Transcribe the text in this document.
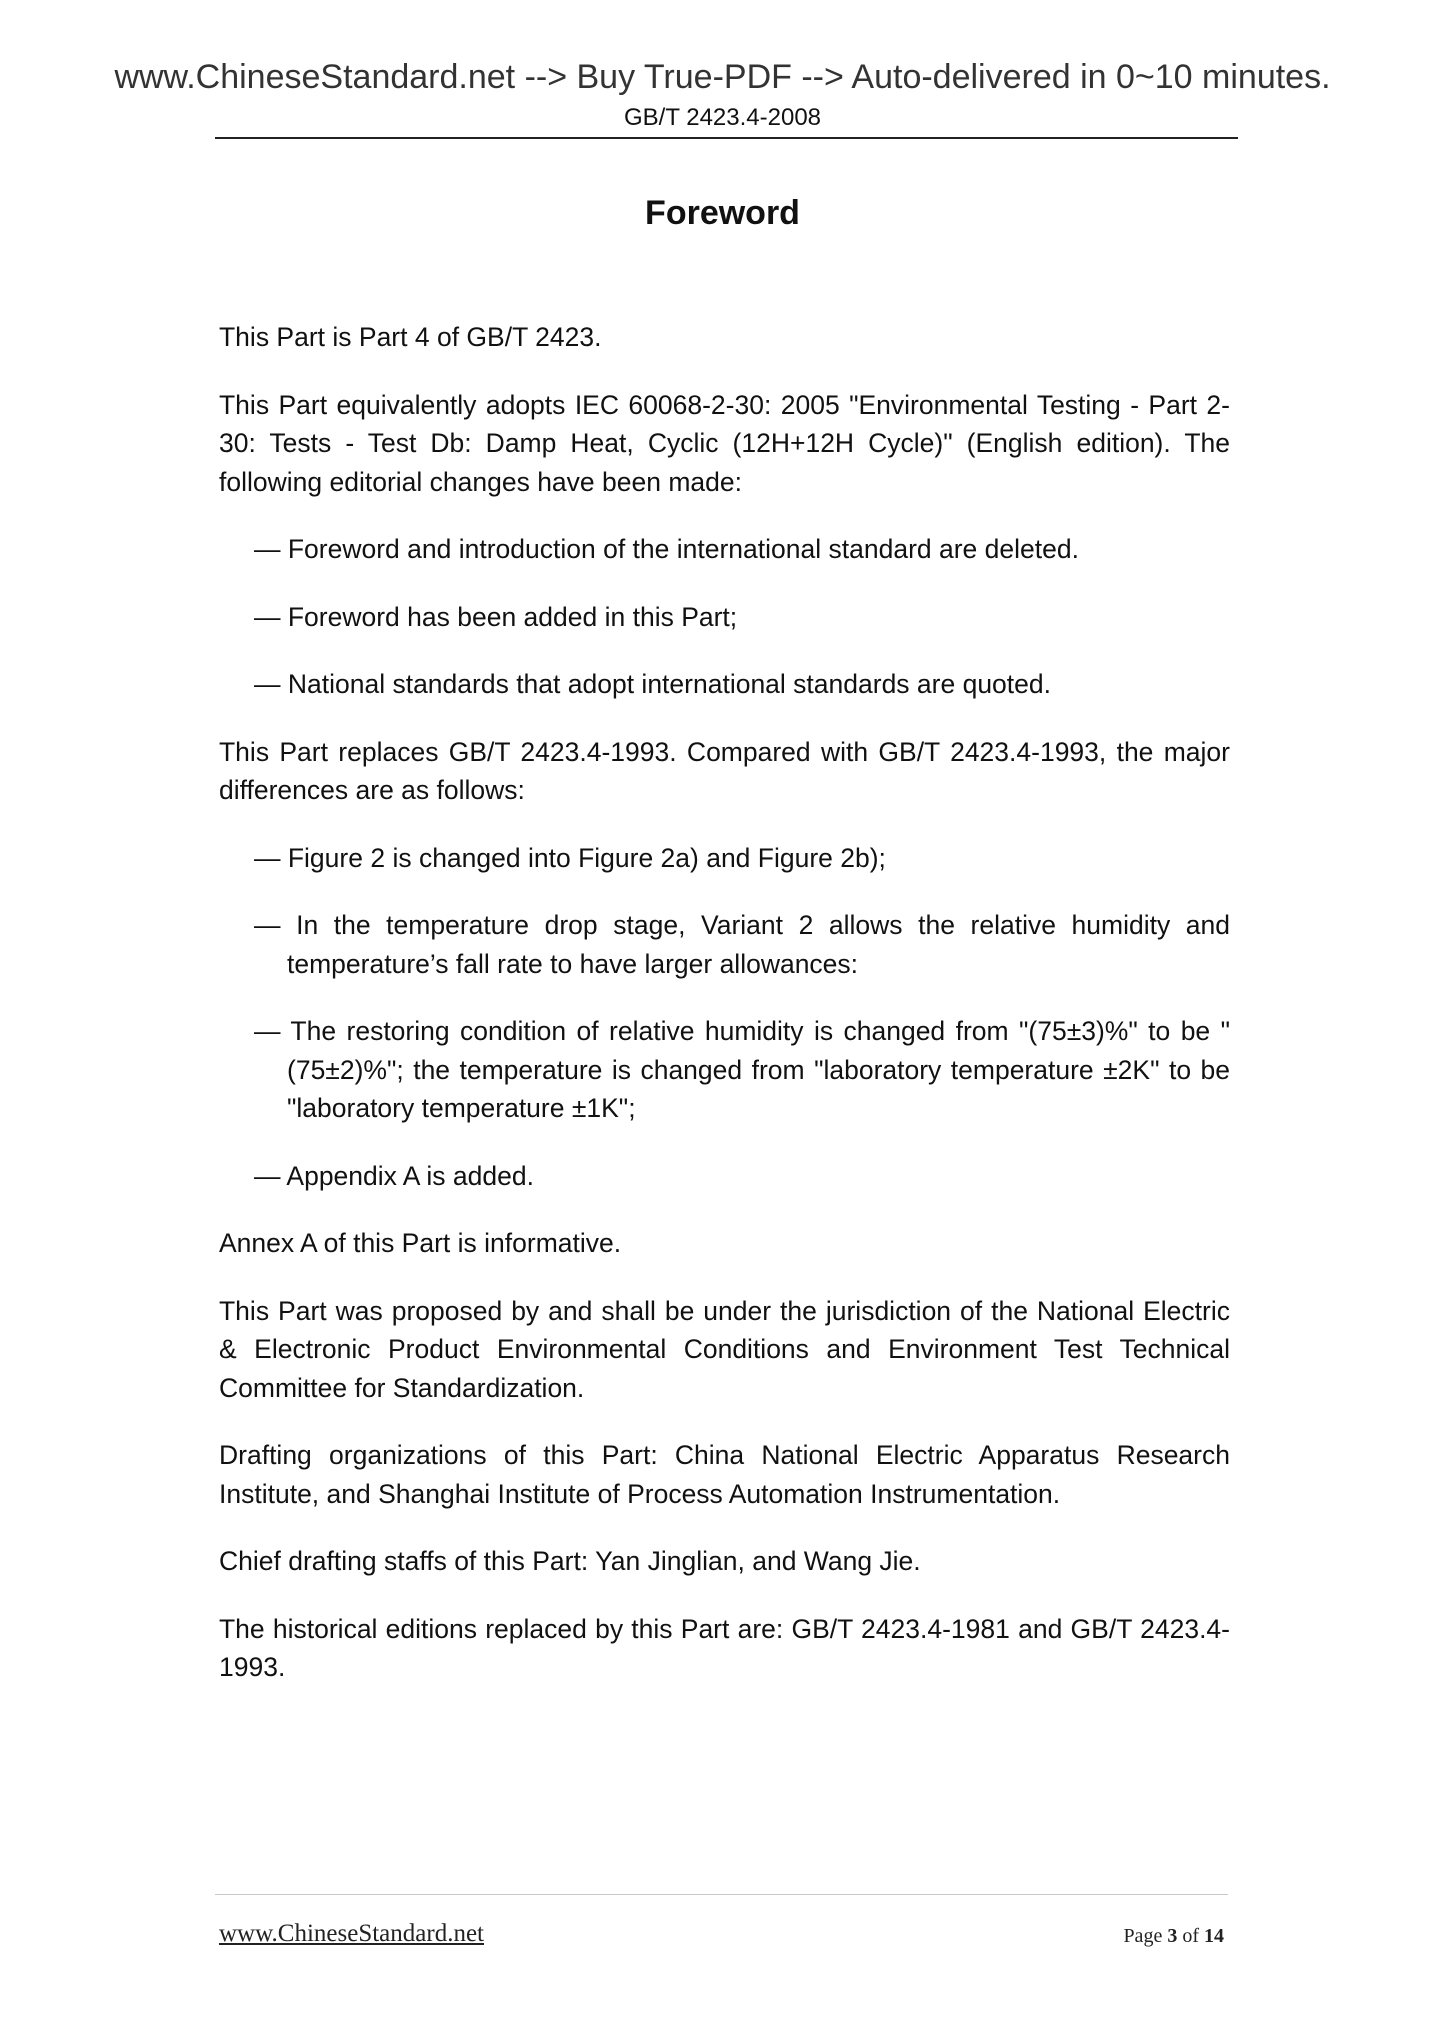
www.ChineseStandard.net --> Buy True-PDF --> Auto-delivered in 0~10 minutes.
GB/T 2423.4-2008
Foreword

This Part is Part 4 of GB/T 2423.

This Part equivalently adopts IEC 60068-2-30: 2005 "Environmental Testing - Part 2-30: Tests - Test Db: Damp Heat, Cyclic (12H+12H Cycle)" (English edition). The following editorial changes have been made:

— Foreword and introduction of the international standard are deleted.

— Foreword has been added in this Part;

— National standards that adopt international standards are quoted.

This Part replaces GB/T 2423.4-1993. Compared with GB/T 2423.4-1993, the major differences are as follows:

— Figure 2 is changed into Figure 2a) and Figure 2b);

— In the temperature drop stage, Variant 2 allows the relative humidity and temperature’s fall rate to have larger allowances:

— The restoring condition of relative humidity is changed from "(75±3)%" to be "(75±2)%"; the temperature is changed from "laboratory temperature ±2K" to be "laboratory temperature ±1K";

— Appendix A is added.

Annex A of this Part is informative.

This Part was proposed by and shall be under the jurisdiction of the National Electric & Electronic Product Environmental Conditions and Environment Test Technical Committee for Standardization.

Drafting organizations of this Part: China National Electric Apparatus Research Institute, and Shanghai Institute of Process Automation Instrumentation.

Chief drafting staffs of this Part: Yan Jinglian, and Wang Jie.

The historical editions replaced by this Part are: GB/T 2423.4-1981 and GB/T 2423.4-1993.

www.ChineseStandard.net	Page 3 of 14
